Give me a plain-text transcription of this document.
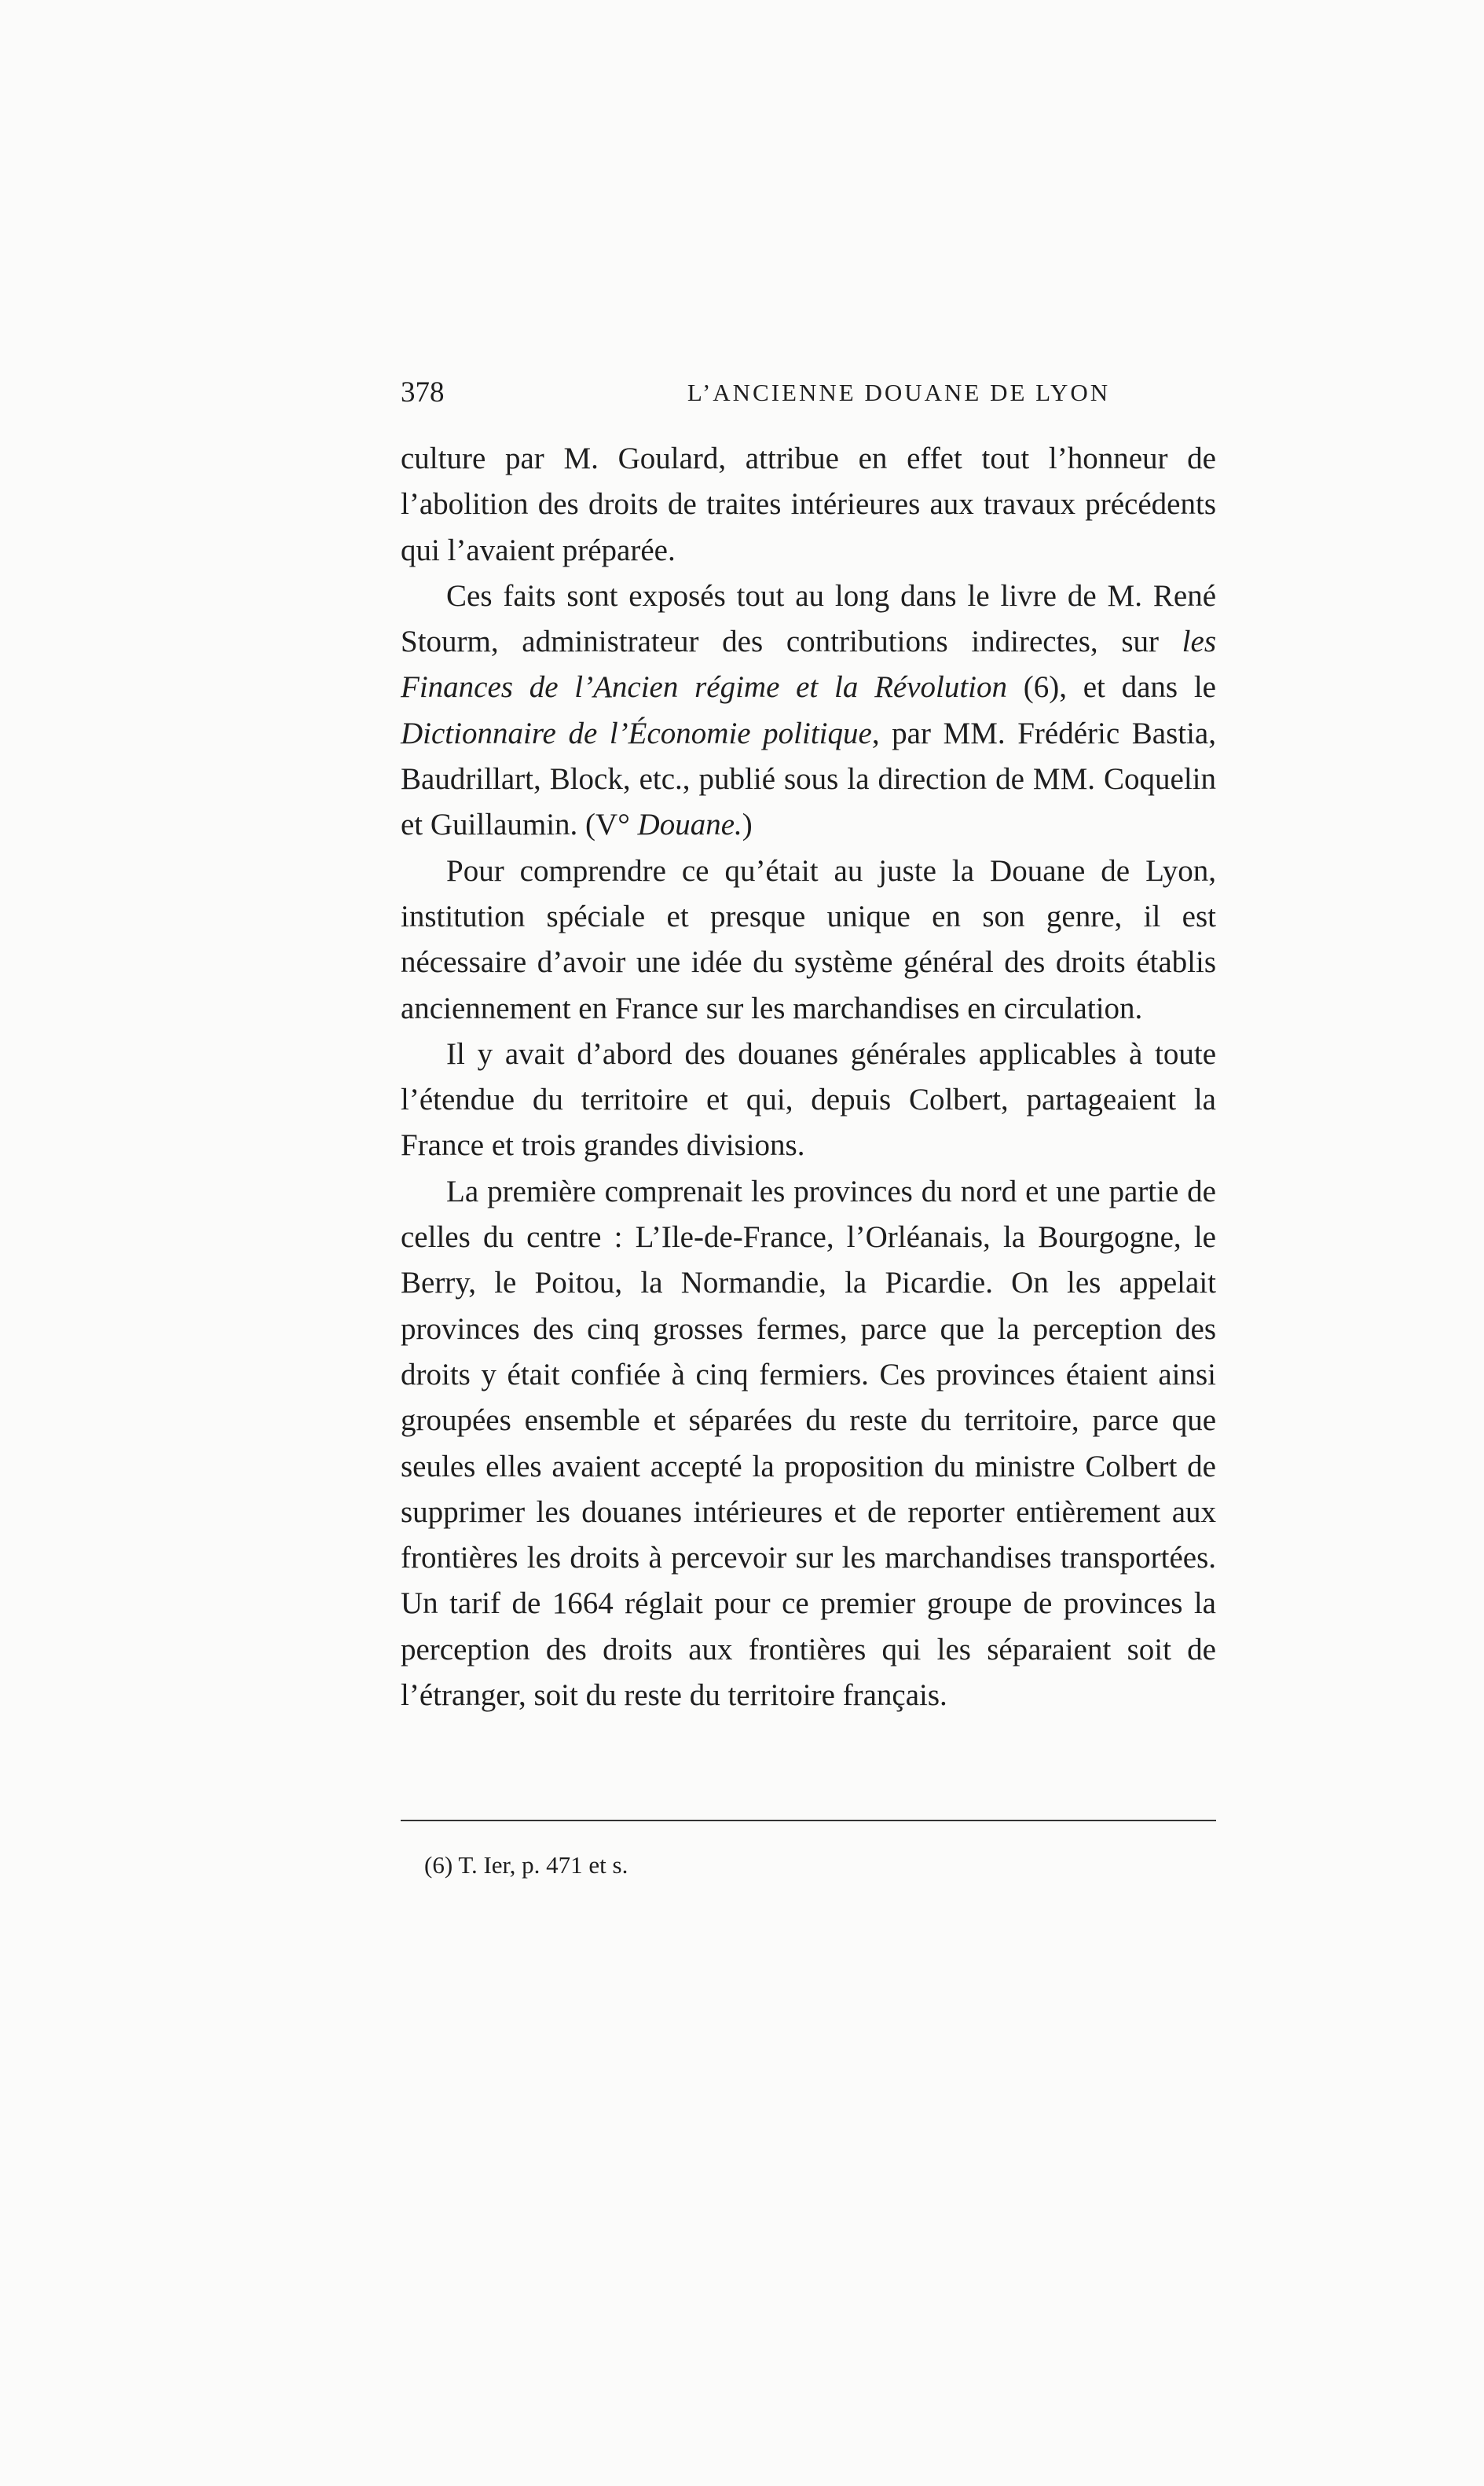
378	L’ANCIENNE DOUANE DE LYON

culture par M. Goulard, attribue en effet tout l’honneur de l’abolition des droits de traites intérieures aux travaux précédents qui l’avaient préparée.

Ces faits sont exposés tout au long dans le livre de M. René Stourm, administrateur des contributions indirectes, sur les Finances de l’Ancien régime et la Révolution (6), et dans le Dictionnaire de l’Économie politique, par MM. Frédéric Bastia, Baudrillart, Block, etc., publié sous la direction de MM. Coquelin et Guillaumin. (V° Douane.)

Pour comprendre ce qu’était au juste la Douane de Lyon, institution spéciale et presque unique en son genre, il est nécessaire d’avoir une idée du système général des droits établis anciennement en France sur les marchandises en circulation.

Il y avait d’abord des douanes générales applicables à toute l’étendue du territoire et qui, depuis Colbert, partageaient la France et trois grandes divisions.

La première comprenait les provinces du nord et une partie de celles du centre : L’Ile-de-France, l’Orléanais, la Bourgogne, le Berry, le Poitou, la Normandie, la Picardie. On les appelait provinces des cinq grosses fermes, parce que la perception des droits y était confiée à cinq fermiers. Ces provinces étaient ainsi groupées ensemble et séparées du reste du territoire, parce que seules elles avaient accepté la proposition du ministre Colbert de supprimer les douanes intérieures et de reporter entièrement aux frontières les droits à percevoir sur les marchandises transportées. Un tarif de 1664 réglait pour ce premier groupe de provinces la perception des droits aux frontières qui les séparaient soit de l’étranger, soit du reste du territoire français.

(6) T. Ier, p. 471 et s.
